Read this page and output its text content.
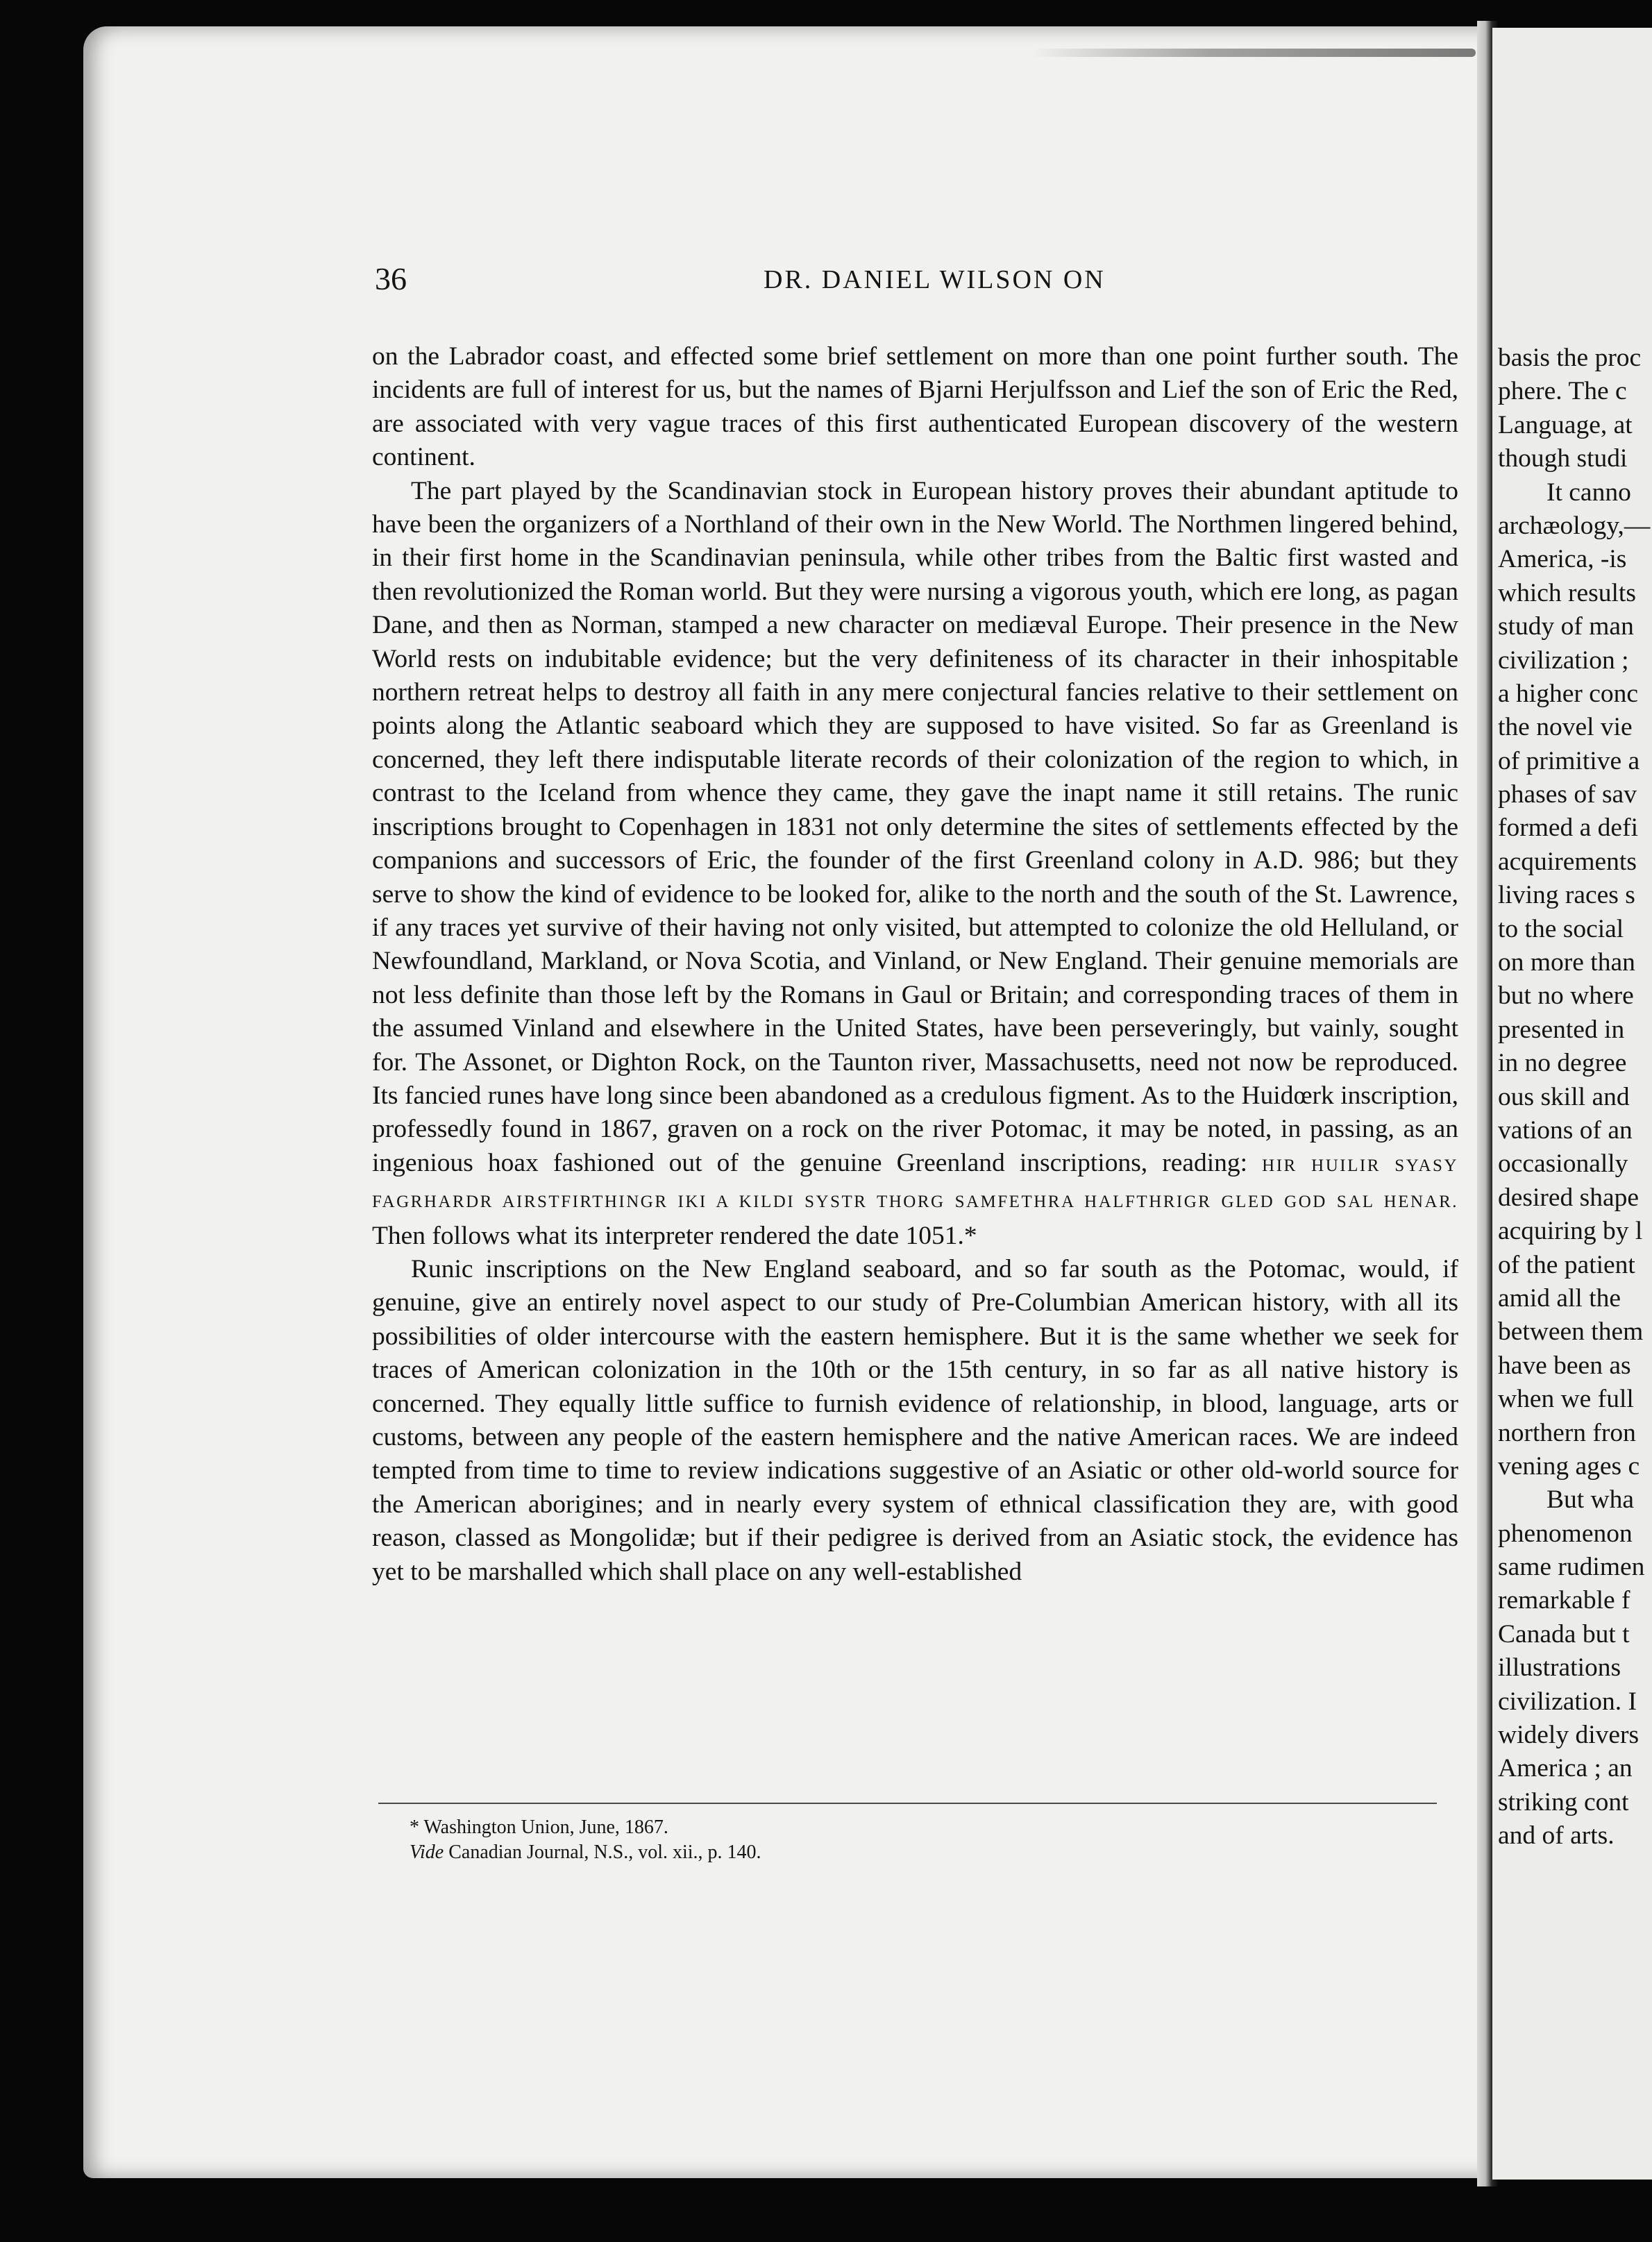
36	DR. DANIEL WILSON ON

on the Labrador coast, and effected some brief settlement on more than one point further south. The incidents are full of interest for us, but the names of Bjarni Herjulfsson and Lief the son of Eric the Red, are associated with very vague traces of this first authenticated European discovery of the western continent.

The part played by the Scandinavian stock in European history proves their abundant aptitude to have been the organizers of a Northland of their own in the New World. The Northmen lingered behind, in their first home in the Scandinavian peninsula, while other tribes from the Baltic first wasted and then revolutionized the Roman world. But they were nursing a vigorous youth, which ere long, as pagan Dane, and then as Norman, stamped a new character on mediæval Europe. Their presence in the New World rests on indubitable evidence; but the very definiteness of its character in their inhospitable northern retreat helps to destroy all faith in any mere conjectural fancies relative to their settlement on points along the Atlantic seaboard which they are supposed to have visited. So far as Greenland is concerned, they left there indisputable literate records of their colonization of the region to which, in contrast to the Iceland from whence they came, they gave the inapt name it still retains. The runic inscriptions brought to Copenhagen in 1831 not only determine the sites of settlements effected by the companions and successors of Eric, the founder of the first Greenland colony in A.D. 986; but they serve to show the kind of evidence to be looked for, alike to the north and the south of the St. Lawrence, if any traces yet survive of their having not only visited, but attempted to colonize the old Helluland, or Newfoundland, Markland, or Nova Scotia, and Vinland, or New England. Their genuine memorials are not less definite than those left by the Romans in Gaul or Britain; and corresponding traces of them in the assumed Vinland and elsewhere in the United States, have been perseveringly, but vainly, sought for. The Assonet, or Dighton Rock, on the Taunton river, Massachusetts, need not now be reproduced. Its fancied runes have long since been abandoned as a credulous figment. As to the Huidœrk inscription, professedly found in 1867, graven on a rock on the river Potomac, it may be noted, in passing, as an ingenious hoax fashioned out of the genuine Greenland inscriptions, reading: HIR HUILIR SYASY FAGRHARDR AIRSTFIRTHINGR IKI A KILDI SYSTR THORG SAMFETHRA HALFTHRIGR GLED GOD SAL HENAR. Then follows what its interpreter rendered the date 1051.*

Runic inscriptions on the New England seaboard, and so far south as the Potomac, would, if genuine, give an entirely novel aspect to our study of Pre-Columbian American history, with all its possibilities of older intercourse with the eastern hemisphere. But it is the same whether we seek for traces of American colonization in the 10th or the 15th century, in so far as all native history is concerned. They equally little suffice to furnish evidence of relationship, in blood, language, arts or customs, between any people of the eastern hemisphere and the native American races. We are indeed tempted from time to time to review indications suggestive of an Asiatic or other old-world source for the American aborigines; and in nearly every system of ethnical classification they are, with good reason, classed as Mongolidæ; but if their pedigree is derived from an Asiatic stock, the evidence has yet to be marshalled which shall place on any well-established

* Washington Union, June, 1867.
Vide Canadian Journal, N.S., vol. xii., p. 140.
basis the proc
phere. The c
Language, at
though studi
It canno
archæology,—
America, -is
which results
study of man
civilization ;
a higher conc
the novel vie
of primitive a
phases of sav
formed a defi
acquirements
living races s
to the social
on more than
but no where
presented in
in no degree
ous skill and
vations of an
occasionally
desired shape
acquiring by l
of the patient
amid all the
between them
have been as
when we full
northern fron
vening ages c
But wha
phenomenon
same rudimen
remarkable f
Canada but t
illustrations
civilization. I
widely divers
America ; an
striking cont
and of arts.
